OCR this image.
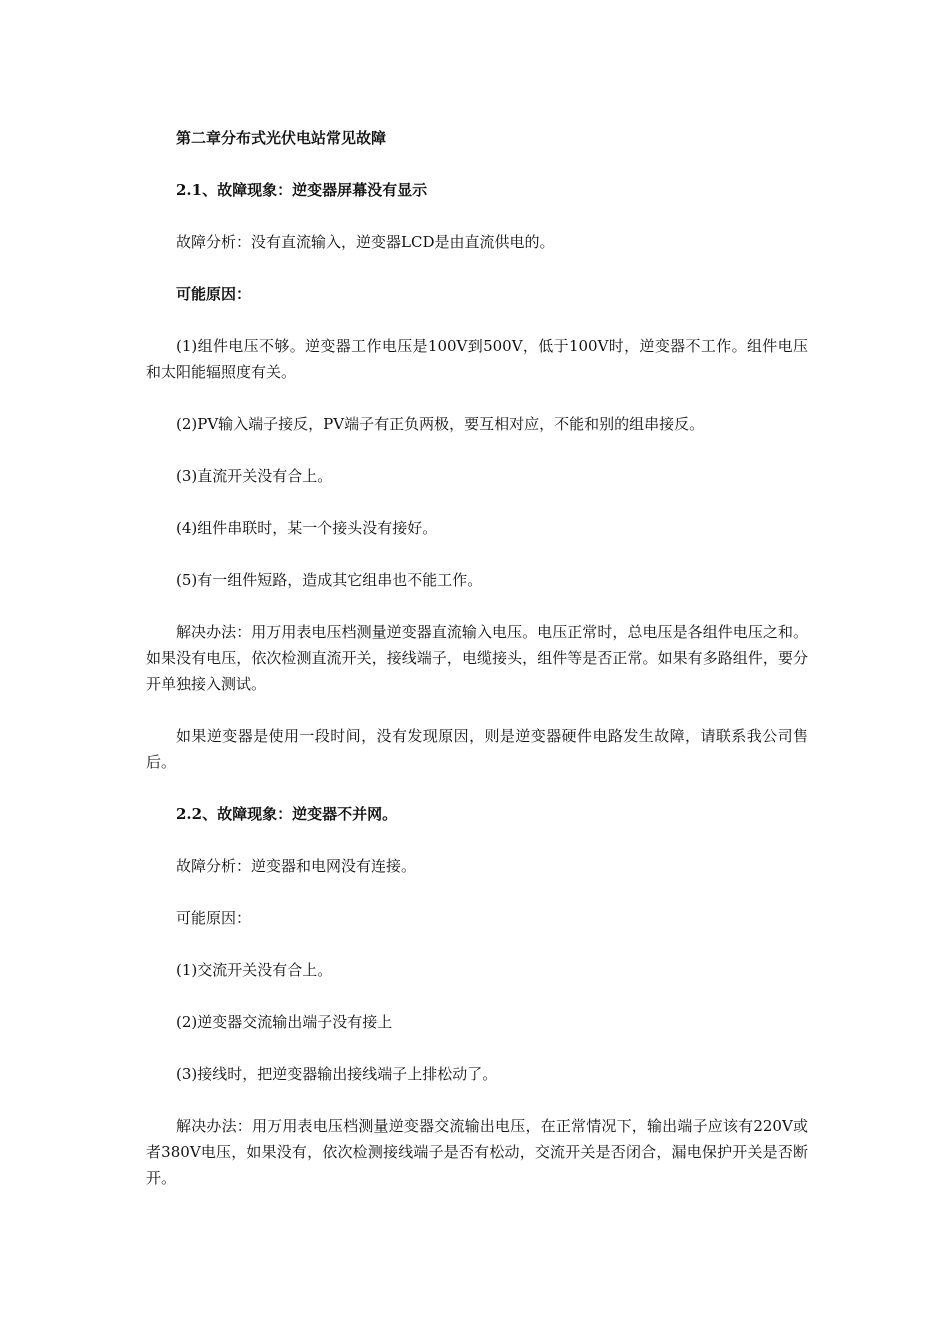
第二章分布式光伏电站常见故障

2.1、故障现象：逆变器屏幕没有显示

故障分析：没有直流输入，逆变器LCD是由直流供电的。

可能原因：

(1)组件电压不够。逆变器工作电压是100V到500V，低于100V时，逆变器不工作。组件电压和太阳能辐照度有关。

(2)PV输入端子接反，PV端子有正负两极，要互相对应，不能和别的组串接反。

(3)直流开关没有合上。

(4)组件串联时，某一个接头没有接好。

(5)有一组件短路，造成其它组串也不能工作。

解决办法：用万用表电压档测量逆变器直流输入电压。电压正常时，总电压是各组件电压之和。如果没有电压，依次检测直流开关，接线端子，电缆接头，组件等是否正常。如果有多路组件，要分开单独接入测试。

如果逆变器是使用一段时间，没有发现原因，则是逆变器硬件电路发生故障，请联系我公司售后。

2.2、故障现象：逆变器不并网。

故障分析：逆变器和电网没有连接。

可能原因：

(1)交流开关没有合上。

(2)逆变器交流输出端子没有接上

(3)接线时，把逆变器输出接线端子上排松动了。

解决办法：用万用表电压档测量逆变器交流输出电压，在正常情况下，输出端子应该有220V或者380V电压，如果没有，依次检测接线端子是否有松动，交流开关是否闭合，漏电保护开关是否断开。
